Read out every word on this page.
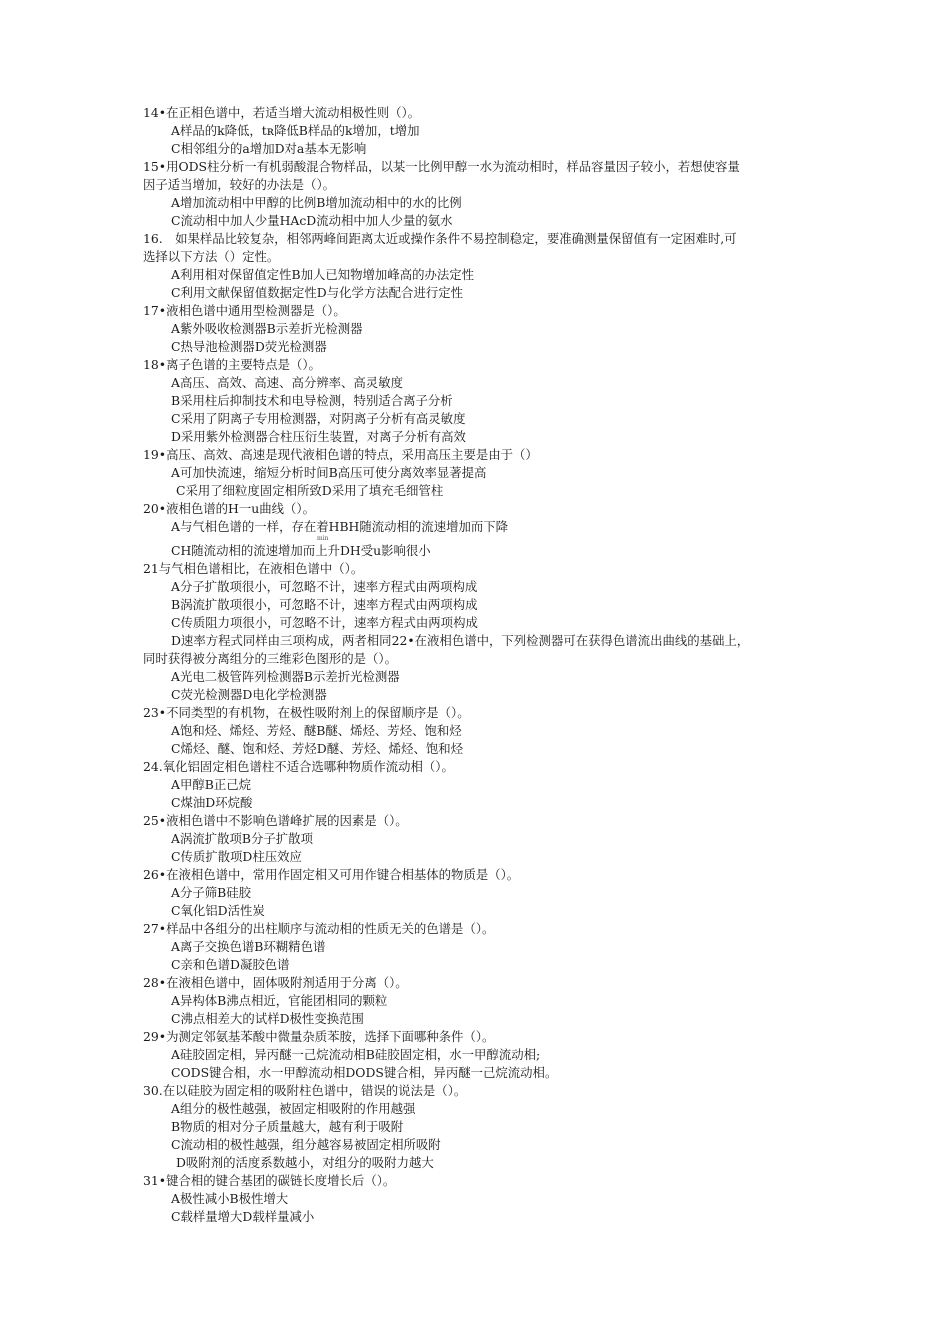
14•在正相色谱中，若适当增大流动相极性则（）。
A样品的k降低，tʀ降低B样品的k增加，t增加
C相邻组分的a增加D对a基本无影响
15•用ODS柱分析一有机弱酸混合物样品，以某一比例甲醇一水为流动相时，样品容量因子较小，若想使容量
因子适当增加，较好的办法是（）。
A增加流动相中甲醇的比例B增加流动相中的水的比例
C流动相中加人少量HAcD流动相中加人少量的氨水
16.　如果样品比较复杂，相邻两峰间距离太近或操作条件不易控制稳定，要准确测量保留值有一定困难时,可
选择以下方法（）定性。
A利用相对保留值定性B加人已知物增加峰高的办法定性
C利用文献保留值数据定性D与化学方法配合进行定性
17•液相色谱中通用型检测器是（）。
A紫外吸收检测器B示差折光检测器
C热导池检测器D荧光检测器
18•离子色谱的主要特点是（）。
A高压、高效、高速、高分辨率、高灵敏度
B采用柱后抑制技术和电导检测，特别适合离子分析
C采用了阴离子专用检测器，对阴离子分析有高灵敏度
D采用紫外检测器合柱压衍生装置，对离子分析有高效
19•高压、高效、高速是现代液相色谱的特点，采用高压主要是由于（）
A可加快流速，缩短分析时间B高压可使分离效率显著提高
C采用了细粒度固定相所致D采用了填充毛细管柱
20•液相色谱的H一u曲线（）。
A与气相色谱的一样，存在着HBH随流动相的流速增加而下降
min
CH随流动相的流速增加而上升DH受u影响很小
21与气相色谱相比，在液相色谱中（）。
A分子扩散项很小，可忽略不计，速率方程式由两项构成
B涡流扩散项很小，可忽略不计，速率方程式由两项构成
C传质阻力项很小，可忽略不计，速率方程式由两项构成
D速率方程式同样由三项构成，两者相同22•在液相色谱中，下列检测器可在获得色谱流出曲线的基础上，
同时获得被分离组分的三维彩色图形的是（）。
A光电二极管阵列检测器B示差折光检测器
C荧光检测器D电化学检测器
23•不同类型的有机物，在极性吸附剂上的保留顺序是（）。
A饱和烃、烯烃、芳烃、醚B醚、烯烃、芳烃、饱和烃
C烯烃、醚、饱和烃、芳烃D醚、芳烃、烯烃、饱和烃
24.氧化铝固定相色谱柱不适合选哪种物质作流动相（）。
A甲醇B正己烷
C煤油D环烷酸
25•液相色谱中不影响色谱峰扩展的因素是（）。
A涡流扩散项B分子扩散项
C传质扩散项D柱压效应
26•在液相色谱中，常用作固定相又可用作键合相基体的物质是（）。
A分子筛B硅胶
C氧化铝D活性炭
27•样品中各组分的出柱顺序与流动相的性质无关的色谱是（）。
A离子交换色谱B环糊精色谱
C亲和色谱D凝胶色谱
28•在液相色谱中，固体吸附剂适用于分离（）。
A异构体B沸点相近，官能团相同的颗粒
C沸点相差大的试样D极性变换范围
29•为测定邻氨基苯酸中微量杂质苯胺，选择下面哪种条件（）。
A硅胶固定相，异丙醚一己烷流动相B硅胶固定相，水一甲醇流动相;
CODS键合相，水一甲醇流动相DODS键合相，异丙醚一己烷流动相。
30.在以硅胶为固定相的吸附柱色谱中，错误的说法是（）。
A组分的极性越强，被固定相吸附的作用越强
B物质的相对分子质量越大，越有利于吸附
C流动相的极性越强，组分越容易被固定相所吸附
D吸附剂的活度系数越小，对组分的吸附力越大
31•键合相的键合基团的碳链长度增长后（）。
A极性减小B极性增大
C载样量增大D载样量减小
